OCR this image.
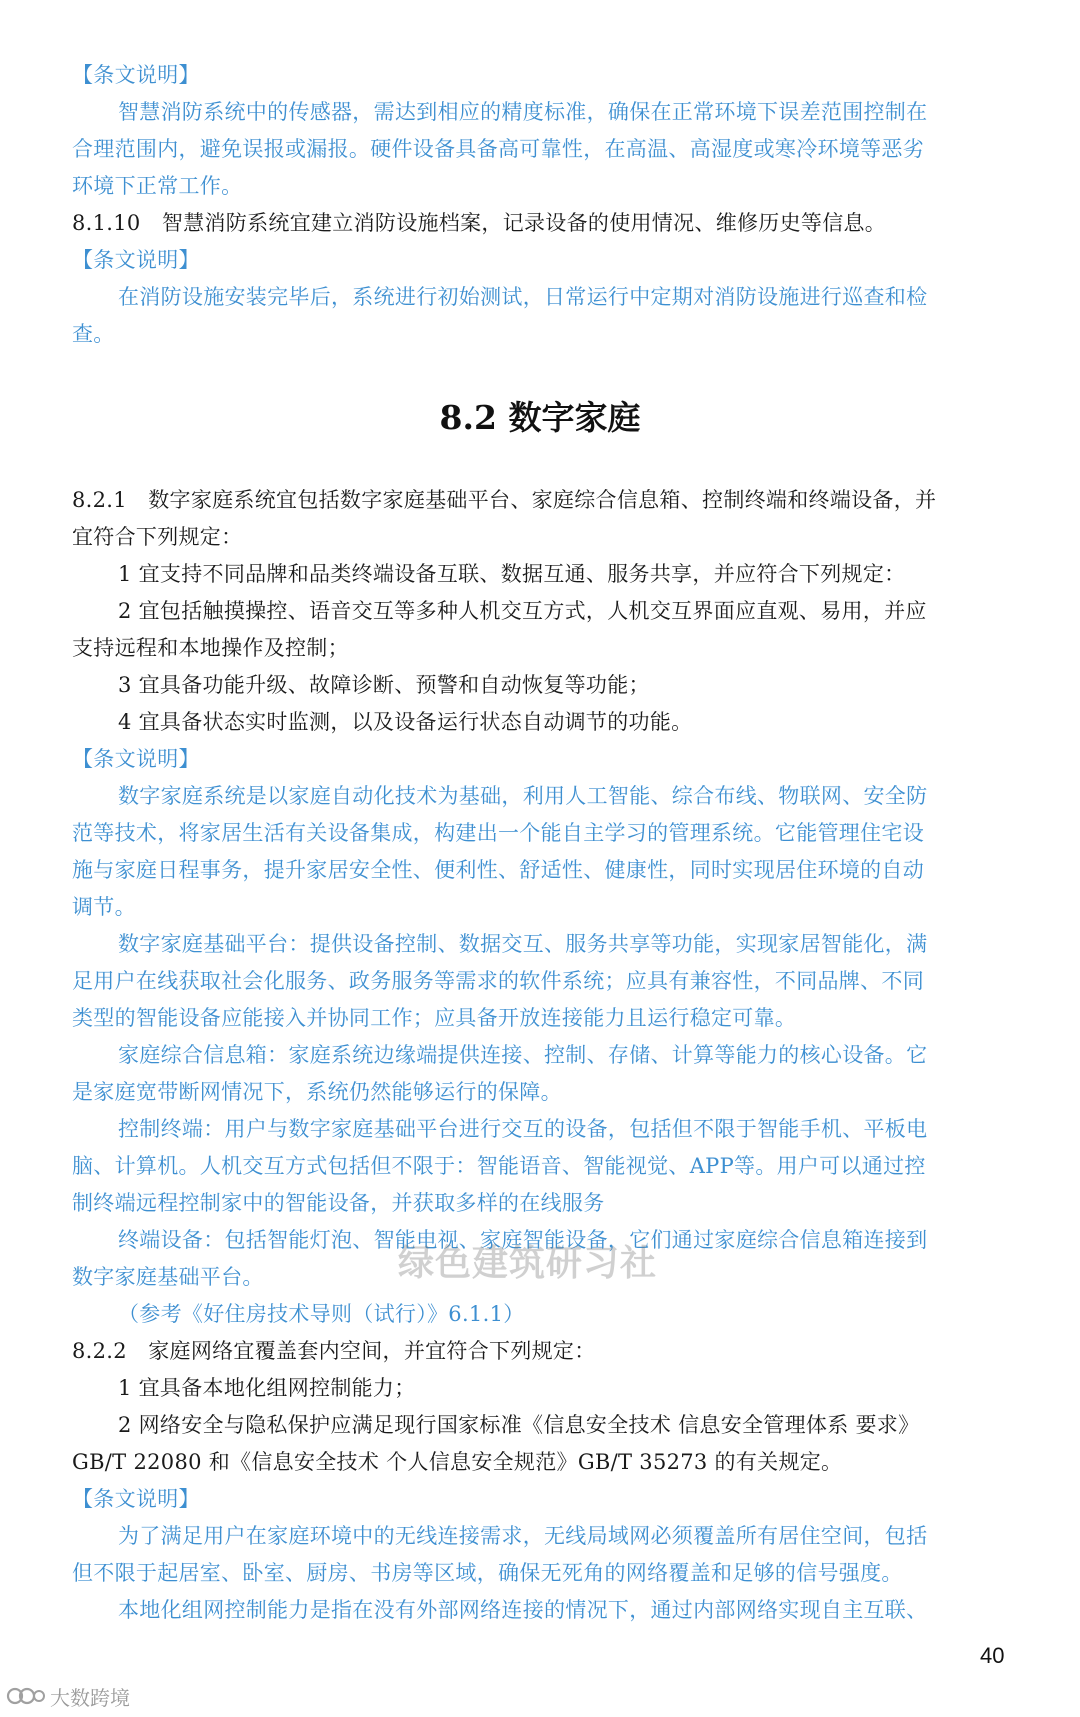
【条文说明】
智慧消防系统中的传感器，需达到相应的精度标准，确保在正常环境下误差范围控制在
合理范围内，避免误报或漏报。硬件设备具备高可靠性，在高温、高湿度或寒冷环境等恶劣
环境下正常工作。
8.1.10　智慧消防系统宜建立消防设施档案，记录设备的使用情况、维修历史等信息。
【条文说明】
在消防设施安装完毕后，系统进行初始测试，日常运行中定期对消防设施进行巡查和检
查。
8.2.1　数字家庭系统宜包括数字家庭基础平台、家庭综合信息箱、控制终端和终端设备，并
宜符合下列规定：
1 宜支持不同品牌和品类终端设备互联、数据互通、服务共享，并应符合下列规定：
2 宜包括触摸操控、语音交互等多种人机交互方式，人机交互界面应直观、易用，并应
支持远程和本地操作及控制；
3 宜具备功能升级、故障诊断、预警和自动恢复等功能；
4 宜具备状态实时监测，以及设备运行状态自动调节的功能。
【条文说明】
数字家庭系统是以家庭自动化技术为基础，利用人工智能、综合布线、物联网、安全防
范等技术，将家居生活有关设备集成，构建出一个能自主学习的管理系统。它能管理住宅设
施与家庭日程事务，提升家居安全性、便利性、舒适性、健康性，同时实现居住环境的自动
调节。
数字家庭基础平台：提供设备控制、数据交互、服务共享等功能，实现家居智能化，满
足用户在线获取社会化服务、政务服务等需求的软件系统；应具有兼容性，不同品牌、不同
类型的智能设备应能接入并协同工作；应具备开放连接能力且运行稳定可靠。
家庭综合信息箱：家庭系统边缘端提供连接、控制、存储、计算等能力的核心设备。它
是家庭宽带断网情况下，系统仍然能够运行的保障。
控制终端：用户与数字家庭基础平台进行交互的设备，包括但不限于智能手机、平板电
脑、计算机。人机交互方式包括但不限于：智能语音、智能视觉、APP等。用户可以通过控
制终端远程控制家中的智能设备，并获取多样的在线服务
终端设备：包括智能灯泡、智能电视、家庭智能设备，它们通过家庭综合信息箱连接到
数字家庭基础平台。
（参考《好住房技术导则（试行）》6.1.1）
8.2.2　家庭网络宜覆盖套内空间，并宜符合下列规定：
1 宜具备本地化组网控制能力；
2 网络安全与隐私保护应满足现行国家标准《信息安全技术 信息安全管理体系 要求》
GB/T 22080 和《信息安全技术 个人信息安全规范》GB/T 35273 的有关规定。
【条文说明】
为了满足用户在家庭环境中的无线连接需求，无线局域网必须覆盖所有居住空间，包括
但不限于起居室、卧室、厨房、书房等区域，确保无死角的网络覆盖和足够的信号强度。
本地化组网控制能力是指在没有外部网络连接的情况下，通过内部网络实现自主互联、
8.2 数字家庭
绿色建筑研习社
40
大数跨境
